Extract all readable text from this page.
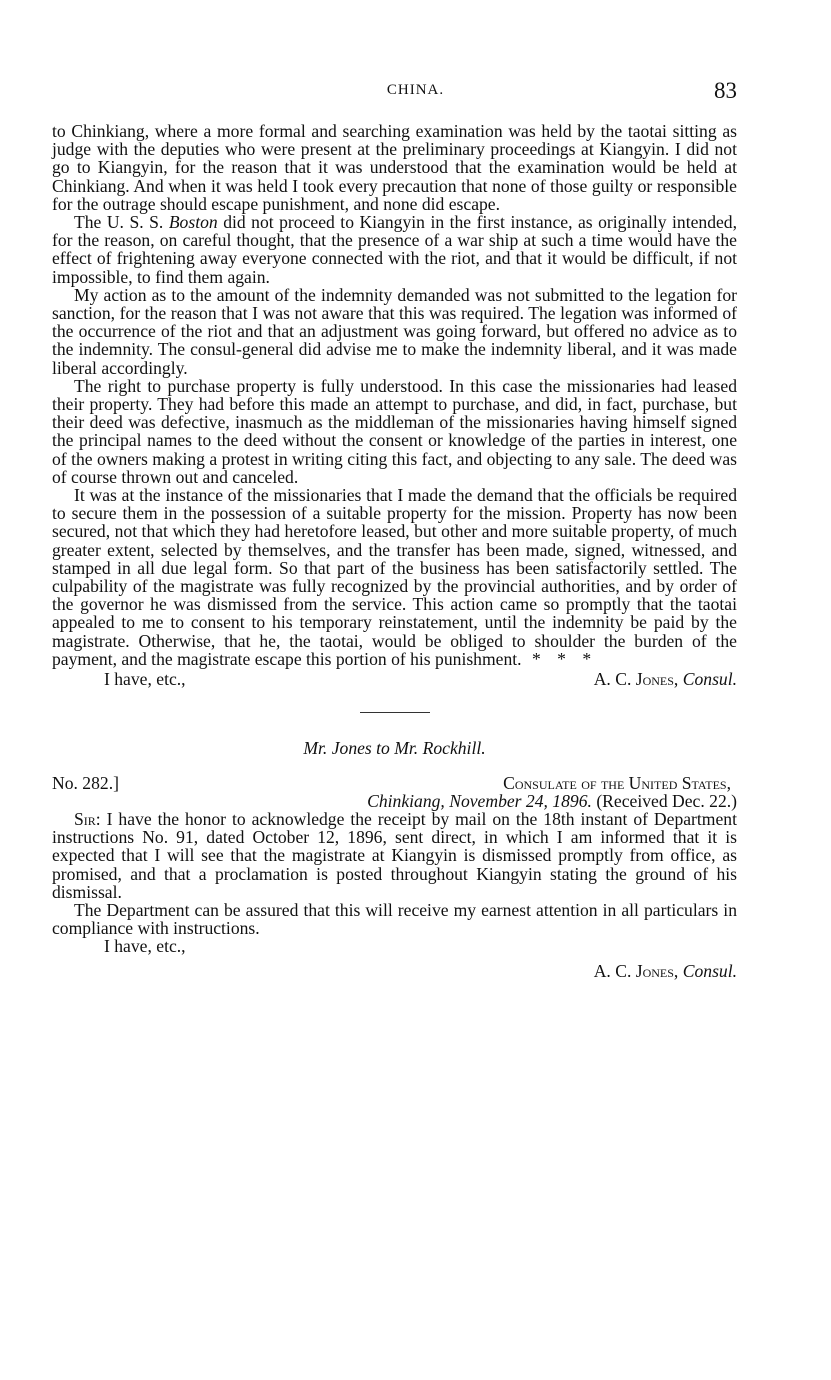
CHINA.	83

to Chinkiang, where a more formal and searching examination was held by the taotai sitting as judge with the deputies who were present at the preliminary proceedings at Kiangyin. I did not go to Kiangyin, for the reason that it was understood that the examination would be held at Chinkiang. And when it was held I took every precaution that none of those guilty or responsible for the outrage should escape punishment, and none did escape.

The U. S. S. Boston did not proceed to Kiangyin in the first instance, as originally intended, for the reason, on careful thought, that the presence of a war ship at such a time would have the effect of frightening away everyone connected with the riot, and that it would be difficult, if not impossible, to find them again.

My action as to the amount of the indemnity demanded was not submitted to the legation for sanction, for the reason that I was not aware that this was required. The legation was informed of the occurrence of the riot and that an adjustment was going forward, but offered no advice as to the indemnity. The consul-general did advise me to make the indemnity liberal, and it was made liberal accordingly.

The right to purchase property is fully understood. In this case the missionaries had leased their property. They had before this made an attempt to purchase, and did, in fact, purchase, but their deed was defective, inasmuch as the middleman of the missionaries having himself signed the principal names to the deed without the consent or knowledge of the parties in interest, one of the owners making a protest in writing citing this fact, and objecting to any sale. The deed was of course thrown out and canceled.

It was at the instance of the missionaries that I made the demand that the officials be required to secure them in the possession of a suitable property for the mission. Property has now been secured, not that which they had heretofore leased, but other and more suitable property, of much greater extent, selected by themselves, and the transfer has been made, signed, witnessed, and stamped in all due legal form. So that part of the business has been satisfactorily settled. The culpability of the magistrate was fully recognized by the provincial authorities, and by order of the governor he was dismissed from the service. This action came so promptly that the taotai appealed to me to consent to his temporary reinstatement, until the indemnity be paid by the magistrate. Otherwise, that he, the taotai, would be obliged to shoulder the burden of the payment, and the magistrate escape this portion of his punishment. * * *

I have, etc.,	A. C. Jones, Consul.
Mr. Jones to Mr. Rockhill.
No. 282.]	Consulate of the United States,
Chinkiang, November 24, 1896. (Received Dec. 22.)

Sir: I have the honor to acknowledge the receipt by mail on the 18th instant of Department instructions No. 91, dated October 12, 1896, sent direct, in which I am informed that it is expected that I will see that the magistrate at Kiangyin is dismissed promptly from office, as promised, and that a proclamation is posted throughout Kiangyin stating the ground of his dismissal.

The Department can be assured that this will receive my earnest attention in all particulars in compliance with instructions.

I have, etc.,

A. C. Jones, Consul.
